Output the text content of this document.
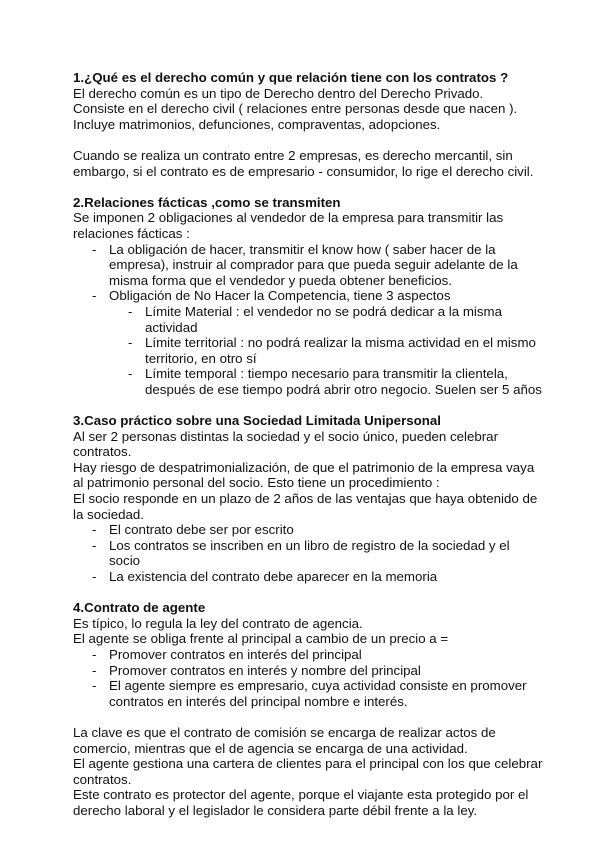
1.¿Qué es el derecho común y que relación tiene con los contratos ?

El derecho común es un tipo de Derecho dentro del Derecho Privado.

Consiste en el derecho civil ( relaciones entre personas desde que nacen ).

Incluye matrimonios, defunciones, compraventas, adopciones.

Cuando se realiza un contrato entre 2 empresas, es derecho mercantil, sin embargo, si el contrato es de empresario - consumidor, lo rige el derecho civil.

2.Relaciones fácticas ,como se transmiten

Se imponen 2 obligaciones al vendedor de la empresa para transmitir las relaciones fácticas :

- La obligación de hacer, transmitir el know how ( saber hacer de la empresa), instruir al comprador para que pueda seguir adelante de la misma forma que el vendedor y pueda obtener beneficios.
- Obligación de No Hacer la Competencia, tiene 3 aspectos
- Límite Material : el vendedor no se podrá dedicar a la misma actividad
- Límite territorial : no podrá realizar la misma actividad en el mismo territorio, en otro sí
- Límite temporal : tiempo necesario para transmitir la clientela, después de ese tiempo podrá abrir otro negocio. Suelen ser 5 años

3.Caso práctico sobre una Sociedad Limitada Unipersonal

Al ser 2 personas distintas la sociedad y el socio único, pueden celebrar contratos.

Hay riesgo de despatrimonialización, de que el patrimonio de la empresa vaya al patrimonio personal del socio. Esto tiene un procedimiento :

El socio responde en un plazo de 2 años de las ventajas que haya obtenido de la sociedad.

- El contrato debe ser por escrito
- Los contratos se inscriben en un libro de registro de la sociedad y el socio
- La existencia del contrato debe aparecer en la memoria

4.Contrato de agente

Es típico, lo regula la ley del contrato de agencia.

El agente se obliga frente al principal a cambio de un precio a =

- Promover contratos en interés del principal
- Promover contratos en interés y nombre del principal
- El agente siempre es empresario, cuya actividad consiste en promover contratos en interés del principal nombre e interés.

La clave es que el contrato de comisión se encarga de realizar actos de comercio, mientras que el de agencia se encarga de una actividad.

El agente gestiona una cartera de clientes para el principal con los que celebrar contratos.

Este contrato es protector del agente, porque el viajante esta protegido por el derecho laboral y el legislador le considera parte débil frente a la ley.
